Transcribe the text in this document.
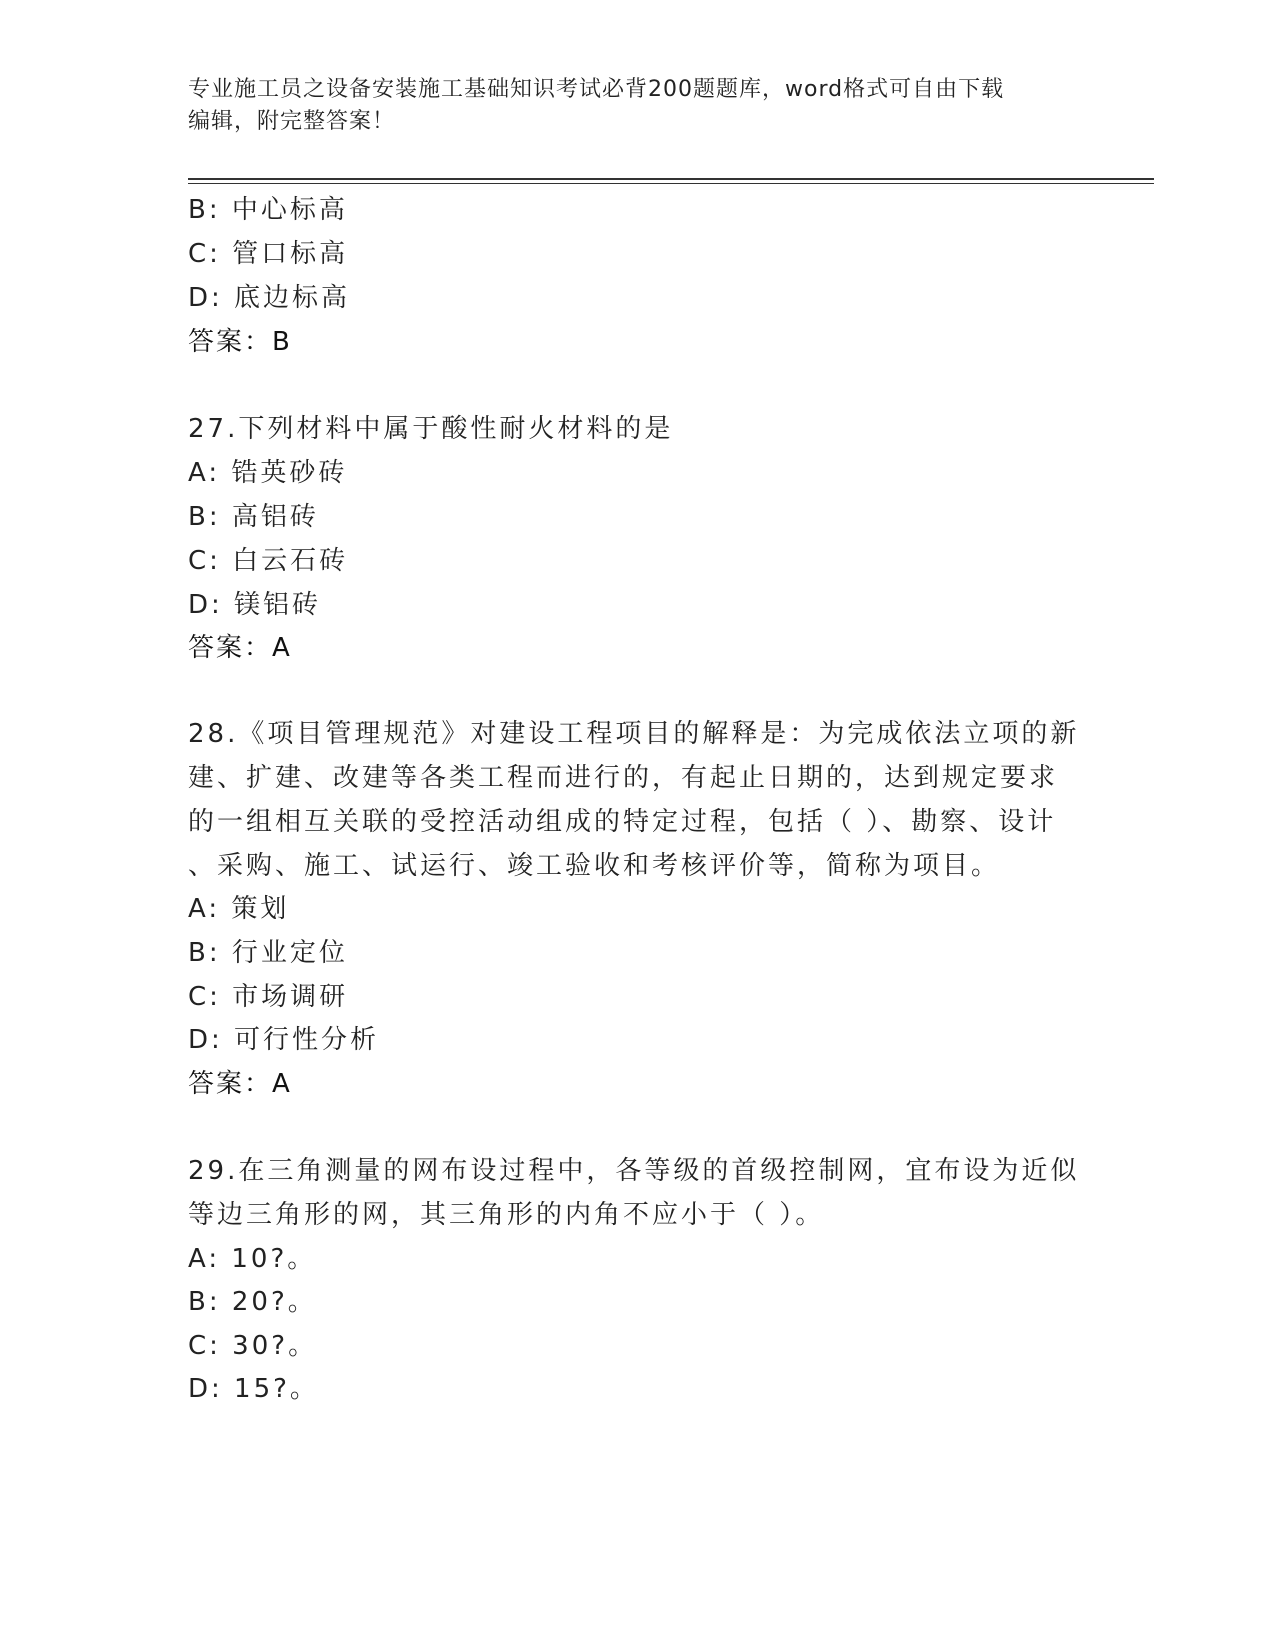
专业施工员之设备安装施工基础知识考试必背200题题库，word格式可自由下载
编辑，附完整答案！
B: 中心标高
C: 管口标高
D: 底边标高
答案：B
27.下列材料中属于酸性耐火材料的是
A: 锆英砂砖
B: 高铝砖
C: 白云石砖
D: 镁铝砖
答案：A
28.《项目管理规范》对建设工程项目的解释是：为完成依法立项的新
建、扩建、改建等各类工程而进行的，有起止日期的，达到规定要求
的一组相互关联的受控活动组成的特定过程，包括（ ）、勘察、设计
、采购、施工、试运行、竣工验收和考核评价等，简称为项目。
A: 策划
B: 行业定位
C: 市场调研
D: 可行性分析
答案：A
29.在三角测量的网布设过程中，各等级的首级控制网，宜布设为近似
等边三角形的网，其三角形的内角不应小于（ ）。
A: 10?。
B: 20?。
C: 30?。
D: 15?。
